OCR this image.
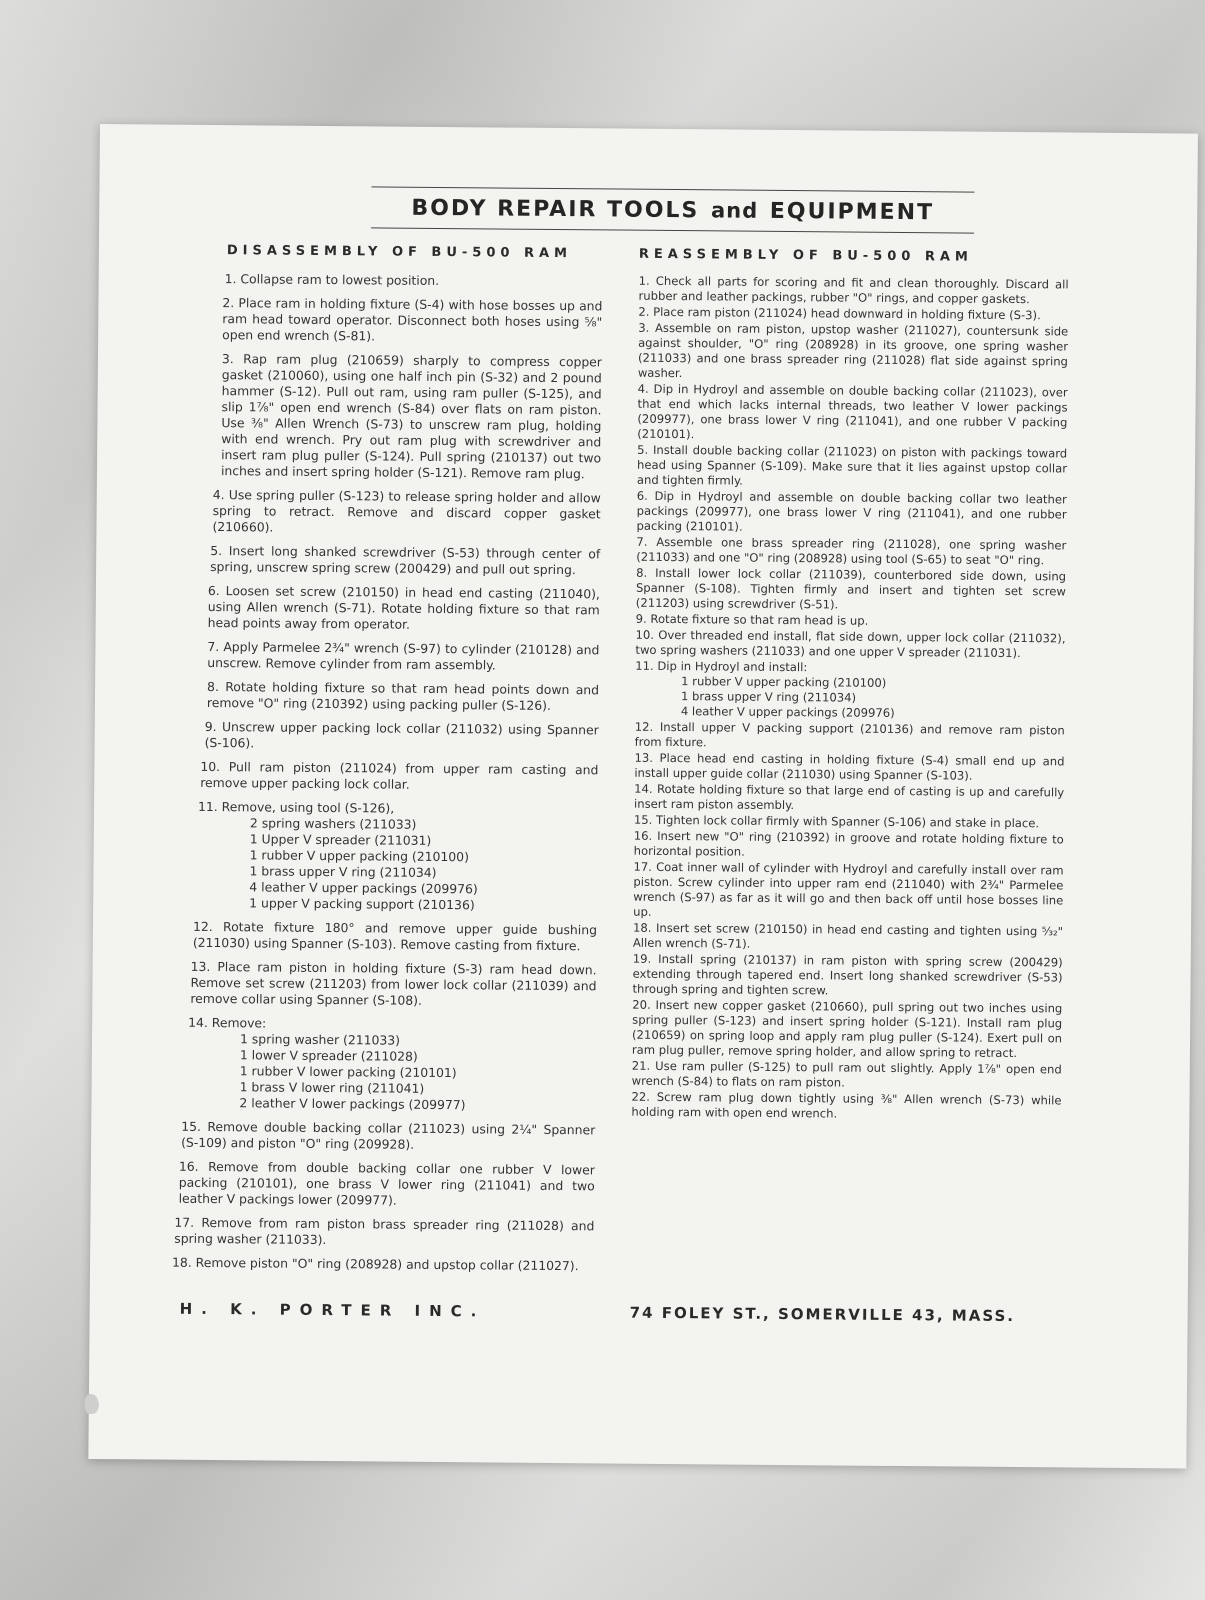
BODY REPAIR TOOLS and EQUIPMENT
DISASSEMBLY OF BU-500 RAM

1. Collapse ram to lowest position.

2. Place ram in holding fixture (S-4) with hose bosses up and ram head toward operator. Disconnect both hoses using ⅝" open end wrench (S-81).

3. Rap ram plug (210659) sharply to compress copper gasket (210060), using one half inch pin (S-32) and 2 pound hammer (S-12). Pull out ram, using ram puller (S-125), and slip 1⅞" open end wrench (S-84) over flats on ram piston. Use ⅜" Allen Wrench (S-73) to unscrew ram plug, holding with end wrench. Pry out ram plug with screwdriver and insert ram plug puller (S-124). Pull spring (210137) out two inches and insert spring holder (S-121). Remove ram plug.

4. Use spring puller (S-123) to release spring holder and allow spring to retract. Remove and discard copper gasket (210660).

5. Insert long shanked screwdriver (S-53) through center of spring, unscrew spring screw (200429) and pull out spring.

6. Loosen set screw (210150) in head end casting (211040), using Allen wrench (S-71). Rotate holding fixture so that ram head points away from operator.

7. Apply Parmelee 2¾" wrench (S-97) to cylinder (210128) and unscrew. Remove cylinder from ram assembly.

8. Rotate holding fixture so that ram head points down and remove "O" ring (210392) using packing puller (S-126).

9. Unscrew upper packing lock collar (211032) using Spanner (S-106).

10. Pull ram piston (211024) from upper ram casting and remove upper packing lock collar.

11. Remove, using tool (S-126),

2 spring washers (211033)

1 Upper V spreader (211031)

1 rubber V upper packing (210100)

1 brass upper V ring (211034)

4 leather V upper packings (209976)

1 upper V packing support (210136)

12. Rotate fixture 180° and remove upper guide bushing (211030) using Spanner (S-103). Remove casting from fixture.

13. Place ram piston in holding fixture (S-3) ram head down. Remove set screw (211203) from lower lock collar (211039) and remove collar using Spanner (S-108).

14. Remove:

1 spring washer (211033)

1 lower V spreader (211028)

1 rubber V lower packing (210101)

1 brass V lower ring (211041)

2 leather V lower packings (209977)

15. Remove double backing collar (211023) using 2¼" Spanner (S-109) and piston "O" ring (209928).

16. Remove from double backing collar one rubber V lower packing (210101), one brass V lower ring (211041) and two leather V packings lower (209977).

17. Remove from ram piston brass spreader ring (211028) and spring washer (211033).

18. Remove piston "O" ring (208928) and upstop collar (211027).

REASSEMBLY OF BU-500 RAM

1. Check all parts for scoring and fit and clean thoroughly. Discard all rubber and leather packings, rubber "O" rings, and copper gaskets.

2. Place ram piston (211024) head downward in holding fixture (S-3).

3. Assemble on ram piston, upstop washer (211027), countersunk side against shoulder, "O" ring (208928) in its groove, one spring washer (211033) and one brass spreader ring (211028) flat side against spring washer.

4. Dip in Hydroyl and assemble on double backing collar (211023), over that end which lacks internal threads, two leather V lower packings (209977), one brass lower V ring (211041), and one rubber V packing (210101).

5. Install double backing collar (211023) on piston with packings toward head using Spanner (S-109). Make sure that it lies against upstop collar and tighten firmly.

6. Dip in Hydroyl and assemble on double backing collar two leather packings (209977), one brass lower V ring (211041), and one rubber packing (210101).

7. Assemble one brass spreader ring (211028), one spring washer (211033) and one "O" ring (208928) using tool (S-65) to seat "O" ring.

8. Install lower lock collar (211039), counterbored side down, using Spanner (S-108). Tighten firmly and insert and tighten set screw (211203) using screwdriver (S-51).

9. Rotate fixture so that ram head is up.

10. Over threaded end install, flat side down, upper lock collar (211032), two spring washers (211033) and one upper V spreader (211031).

11. Dip in Hydroyl and install:

1 rubber V upper packing (210100)

1 brass upper V ring (211034)

4 leather V upper packings (209976)

12. Install upper V packing support (210136) and remove ram piston from fixture.

13. Place head end casting in holding fixture (S-4) small end up and install upper guide collar (211030) using Spanner (S-103).

14. Rotate holding fixture so that large end of casting is up and carefully insert ram piston assembly.

15. Tighten lock collar firmly with Spanner (S-106) and stake in place.

16. Insert new "O" ring (210392) in groove and rotate holding fixture to horizontal position.

17. Coat inner wall of cylinder with Hydroyl and carefully install over ram piston. Screw cylinder into upper ram end (211040) with 2¾" Parmelee wrench (S-97) as far as it will go and then back off until hose bosses line up.

18. Insert set screw (210150) in head end casting and tighten using ⁵⁄₃₂" Allen wrench (S-71).

19. Install spring (210137) in ram piston with spring screw (200429) extending through tapered end. Insert long shanked screwdriver (S-53) through spring and tighten screw.

20. Insert new copper gasket (210660), pull spring out two inches using spring puller (S-123) and insert spring holder (S-121). Install ram plug (210659) on spring loop and apply ram plug puller (S-124). Exert pull on ram plug puller, remove spring holder, and allow spring to retract.

21. Use ram puller (S-125) to pull ram out slightly. Apply 1⅞" open end wrench (S-84) to flats on ram piston.

22. Screw ram plug down tightly using ⅜" Allen wrench (S-73) while holding ram with open end wrench.

H. K. PORTER INC.	74 FOLEY ST., SOMERVILLE 43, MASS.
